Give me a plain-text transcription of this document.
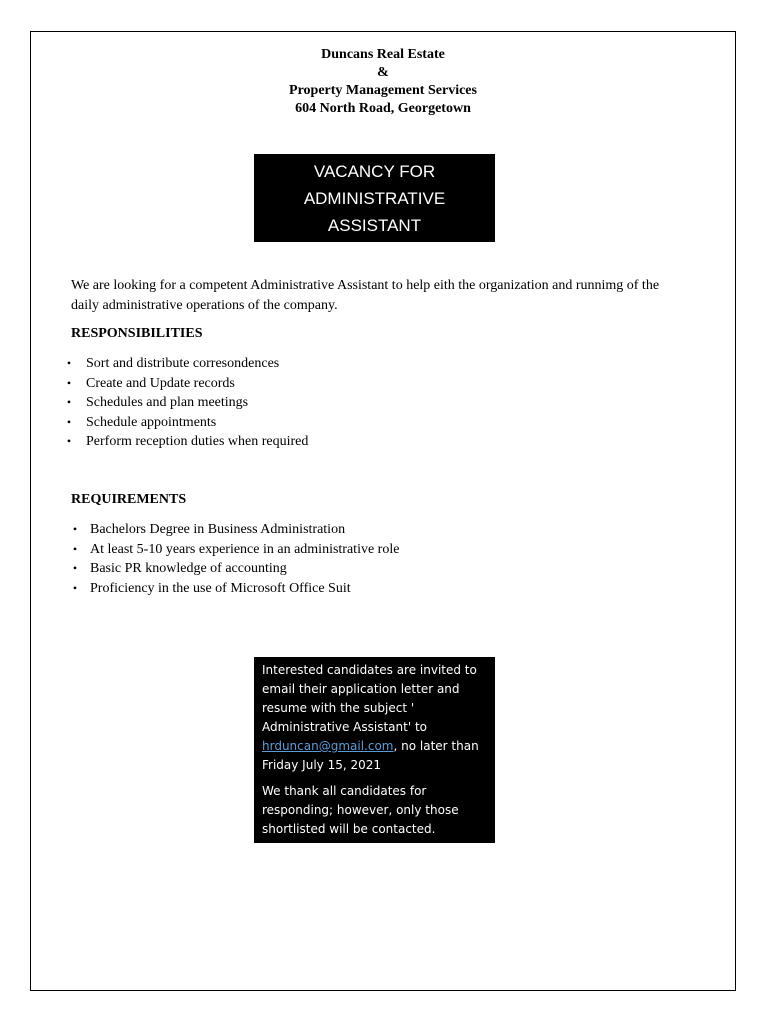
Duncans Real Estate
&
Property Management Services
604 North Road, Georgetown
VACANCY FOR
ADMINISTRATIVE
ASSISTANT
We are looking for a competent Administrative Assistant to help eith the organization and runnimg of the daily administrative operations of the company.
RESPONSIBILITIES
• Sort and distribute corresondences
• Create and Update records
• Schedules and plan meetings
• Schedule appointments
• Perform reception duties when required
REQUIREMENTS
• Bachelors Degree in Business Administration
• At least 5-10 years experience in an administrative role
• Basic PR knowledge of accounting
• Proficiency in the use of Microsoft Office Suit

Interested candidates are invited to email their application letter and resume with the subject ' Administrative Assistant' to hrduncan@gmail.com, no later than Friday July 15, 2021

We thank all candidates for responding; however, only those shortlisted will be contacted.
